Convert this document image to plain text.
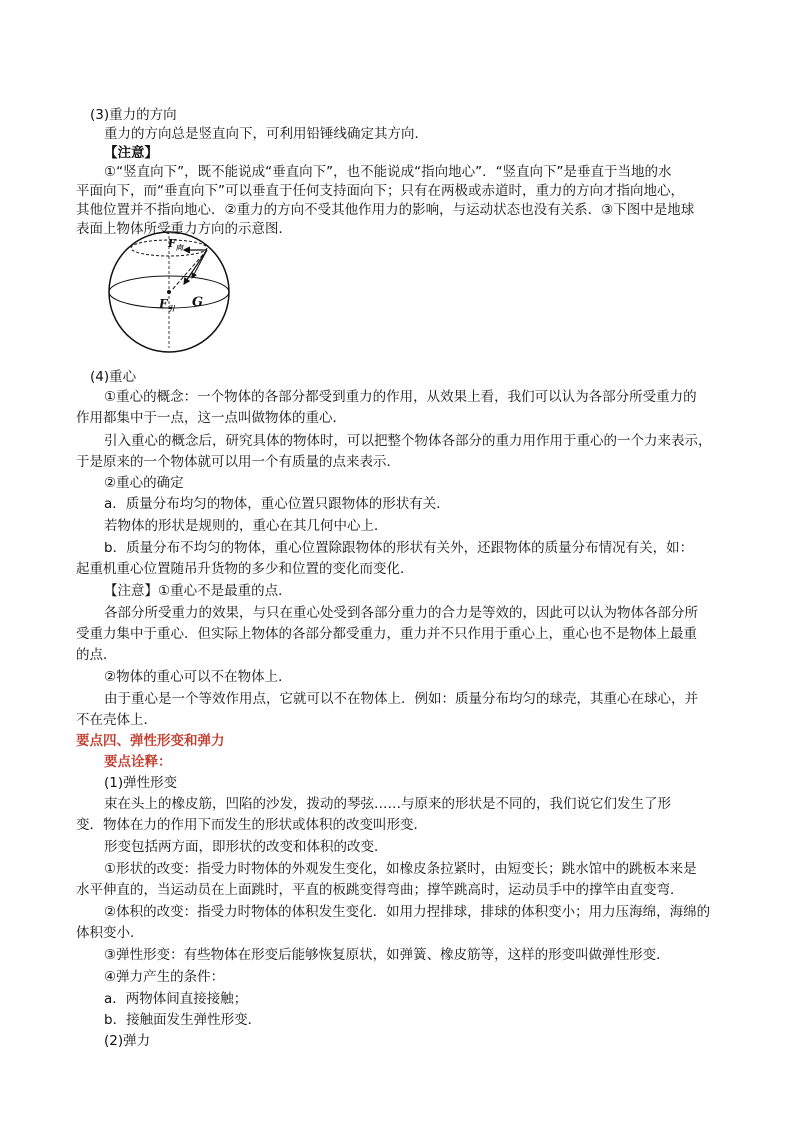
(3)重力的方向
重力的方向总是竖直向下，可利用铅锤线确定其方向．
【注意】
①“竖直向下”，既不能说成“垂直向下”，也不能说成“指向地心”．“竖直向下”是垂直于当地的水
平面向下，而“垂直向下”可以垂直于任何支持面向下；只有在两极或赤道时，重力的方向才指向地心，
其他位置并不指向地心．②重力的方向不受其他作用力的影响，与运动状态也没有关系．③下图中是地球
表面上物体所受重力方向的示意图．
$F_向$
$F_引$ G
(4)重心
①重心的概念：一个物体的各部分都受到重力的作用，从效果上看，我们可以认为各部分所受重力的
作用都集中于一点，这一点叫做物体的重心．
引入重心的概念后，研究具体的物体时，可以把整个物体各部分的重力用作用于重心的一个力来表示，
于是原来的一个物体就可以用一个有质量的点来表示．
②重心的确定
a．质量分布均匀的物体，重心位置只跟物体的形状有关．
若物体的形状是规则的，重心在其几何中心上．
b．质量分布不均匀的物体，重心位置除跟物体的形状有关外，还跟物体的质量分布情况有关，如：
起重机重心位置随吊升货物的多少和位置的变化而变化．
【注意】①重心不是最重的点．
各部分所受重力的效果，与只在重心处受到各部分重力的合力是等效的，因此可以认为物体各部分所
受重力集中于重心．但实际上物体的各部分都受重力，重力并不只作用于重心上，重心也不是物体上最重
的点．
②物体的重心可以不在物体上．
由于重心是一个等效作用点，它就可以不在物体上．例如：质量分布均匀的球壳，其重心在球心，并
不在壳体上．
要点四、弹性形变和弹力
要点诠释：
(1)弹性形变
束在头上的橡皮筋，凹陷的沙发，拨动的琴弦……与原来的形状是不同的，我们说它们发生了形
变．物体在力的作用下而发生的形状或体积的改变叫形变．
形变包括两方面，即形状的改变和体积的改变．
①形状的改变：指受力时物体的外观发生变化，如橡皮条拉紧时，由短变长；跳水馆中的跳板本来是
水平伸直的，当运动员在上面跳时，平直的板跳变得弯曲；撑竿跳高时，运动员手中的撑竿由直变弯．
②体积的改变：指受力时物体的体积发生变化．如用力捏排球，排球的体积变小；用力压海绵，海绵的
体积变小．
③弹性形变：有些物体在形变后能够恢复原状，如弹簧、橡皮筋等，这样的形变叫做弹性形变．
④弹力产生的条件：
a．两物体间直接接触；
b．接触面发生弹性形变．
(2)弹力
